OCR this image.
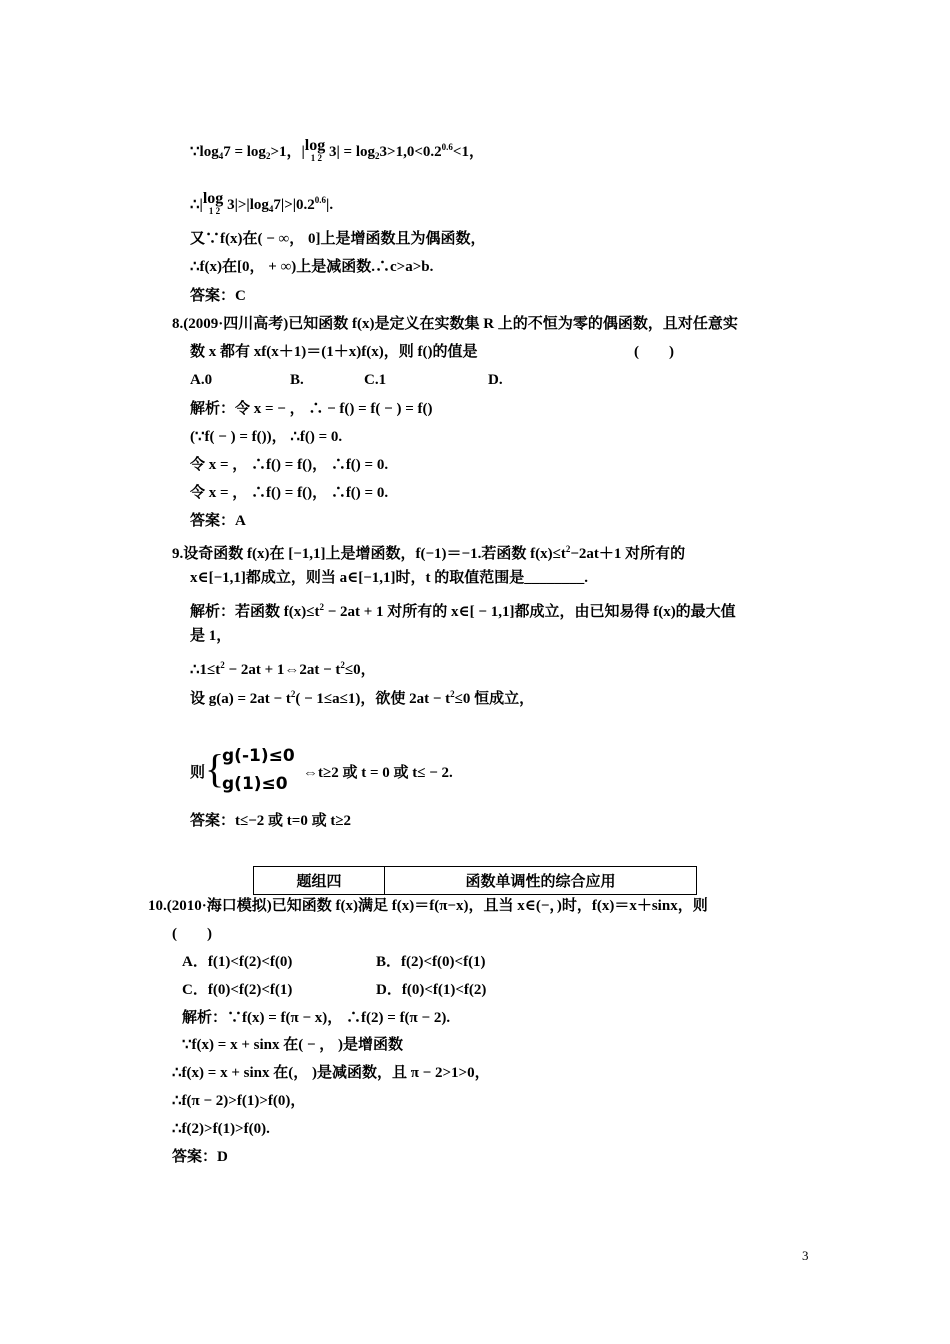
$\because\log_47 = \log_2>1$，|log
1 2 $3| = \log_23>1,0<0.2^{0.6}<1$，
∴|log
1 2 $3|>|\log_47|>|0.2^{0.6}|$.
又∵f(x)在( − ∞， 0]上是增函数且为偶函数，
∴f(x)在[0， + ∞)上是减函数.∴c>a>b.
答案：C
8.(2009·四川高考)已知函数 f(x)是定义在实数集 R 上的不恒为零的偶函数，且对任意实
数 x 都有 xf(x＋1)＝(1＋x)f(x)，则 f()的值是	(　　)
A.0	B.	C.1	D.
解析：令 x = − ， ∴ − f() = f( − ) = f()
(∵f( − ) = f())， ∴f() = 0.
令 x = ， ∴f() = f()， ∴f() = 0.
令 x = ， ∴f() = f()， ∴f() = 0.
答案：A
9.设奇函数 f(x)在 [−1,1]上是增函数，f(−1)＝−1.若函数 $f(x)\le t^2-2at+1$ 对所有的
x∈[−1,1]都成立，则当 a∈[−1,1]时，t 的取值范围是________.
解析：若函数 $f(x)\le t^2 - 2at + 1$ 对所有的 x∈[ − 1,1]都成立，由已知易得 f(x)的最大值
是 1，
$\therefore 1\le t^2 - 2at$ + 1⇔2at − $t^2\le 0$，
设 $g(a) = 2at - t^2( - 1\le a\le 1)$，欲使 $2at - t^2\le 0$ 恒成立，
则 {
g(-1)≤0
g(1)≤0
⇔t≥2 或 t = 0 或 t≤ − 2.
答案：t≤−2 或 t=0 或 t≥2
题组四	函数单调性的综合应用
10.(2010·海口模拟)已知函数 f(x)满足 f(x)＝f(π−x)，且当 x∈(−，)时，f(x)＝x＋sinx，则
(　　)
A．f(1)<f(2)<f(0)	B．f(2)<f(0)<f(1)
C．f(0)<f(2)<f(1)	D．f(0)<f(1)<f(2)
解析：∵f(x) = f(π − x)， ∴f(2) = f(π − 2).
∵f(x) = x + sinx 在( − ， )是增函数
∴f(x) = x + sinx 在(， )是减函数，且 π − 2>1>0，
∴f(π − 2)>f(1)>f(0)，
∴f(2)>f(1)>f(0).
答案：D
3
